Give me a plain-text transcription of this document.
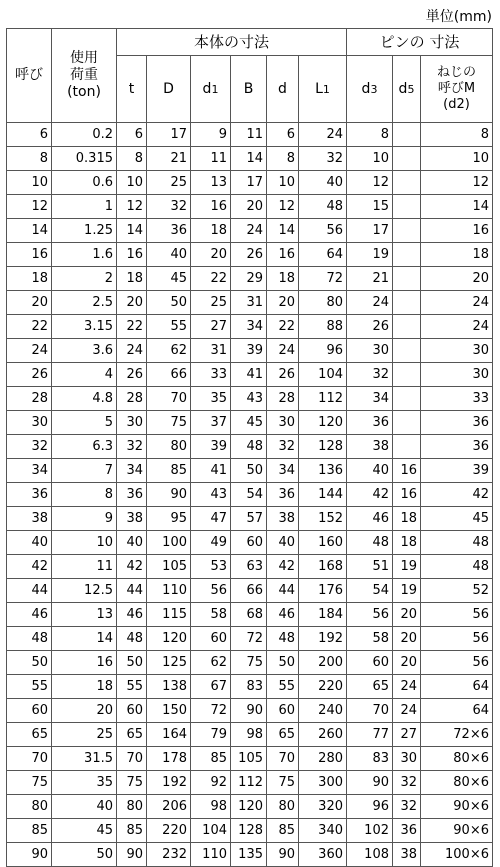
単位(mm)
呼び	使用
荷重
(ton)	本体の寸法						ピンの 寸法		
		t	D	d1	B	d	L1	d3	d5	ねじの
呼びM
(d2)
6	0.2	6	17	9	11	6	24	8		8
8	0.315	8	21	11	14	8	32	10		10
10	0.6	10	25	13	17	10	40	12		12
12	1	12	32	16	20	12	48	15		14
14	1.25	14	36	18	24	14	56	17		16
16	1.6	16	40	20	26	16	64	19		18
18	2	18	45	22	29	18	72	21		20
20	2.5	20	50	25	31	20	80	24		24
22	3.15	22	55	27	34	22	88	26		24
24	3.6	24	62	31	39	24	96	30		30
26	4	26	66	33	41	26	104	32		30
28	4.8	28	70	35	43	28	112	34		33
30	5	30	75	37	45	30	120	36		36
32	6.3	32	80	39	48	32	128	38		36
34	7	34	85	41	50	34	136	40	16	39
36	8	36	90	43	54	36	144	42	16	42
38	9	38	95	47	57	38	152	46	18	45
40	10	40	100	49	60	40	160	48	18	48
42	11	42	105	53	63	42	168	51	19	48
44	12.5	44	110	56	66	44	176	54	19	52
46	13	46	115	58	68	46	184	56	20	56
48	14	48	120	60	72	48	192	58	20	56
50	16	50	125	62	75	50	200	60	20	56
55	18	55	138	67	83	55	220	65	24	64
60	20	60	150	72	90	60	240	70	24	64
65	25	65	164	79	98	65	260	77	27	72×6
70	31.5	70	178	85	105	70	280	83	30	80×6
75	35	75	192	92	112	75	300	90	32	80×6
80	40	80	206	98	120	80	320	96	32	90×6
85	45	85	220	104	128	85	340	102	36	90×6
90	50	90	232	110	135	90	360	108	38	100×6
